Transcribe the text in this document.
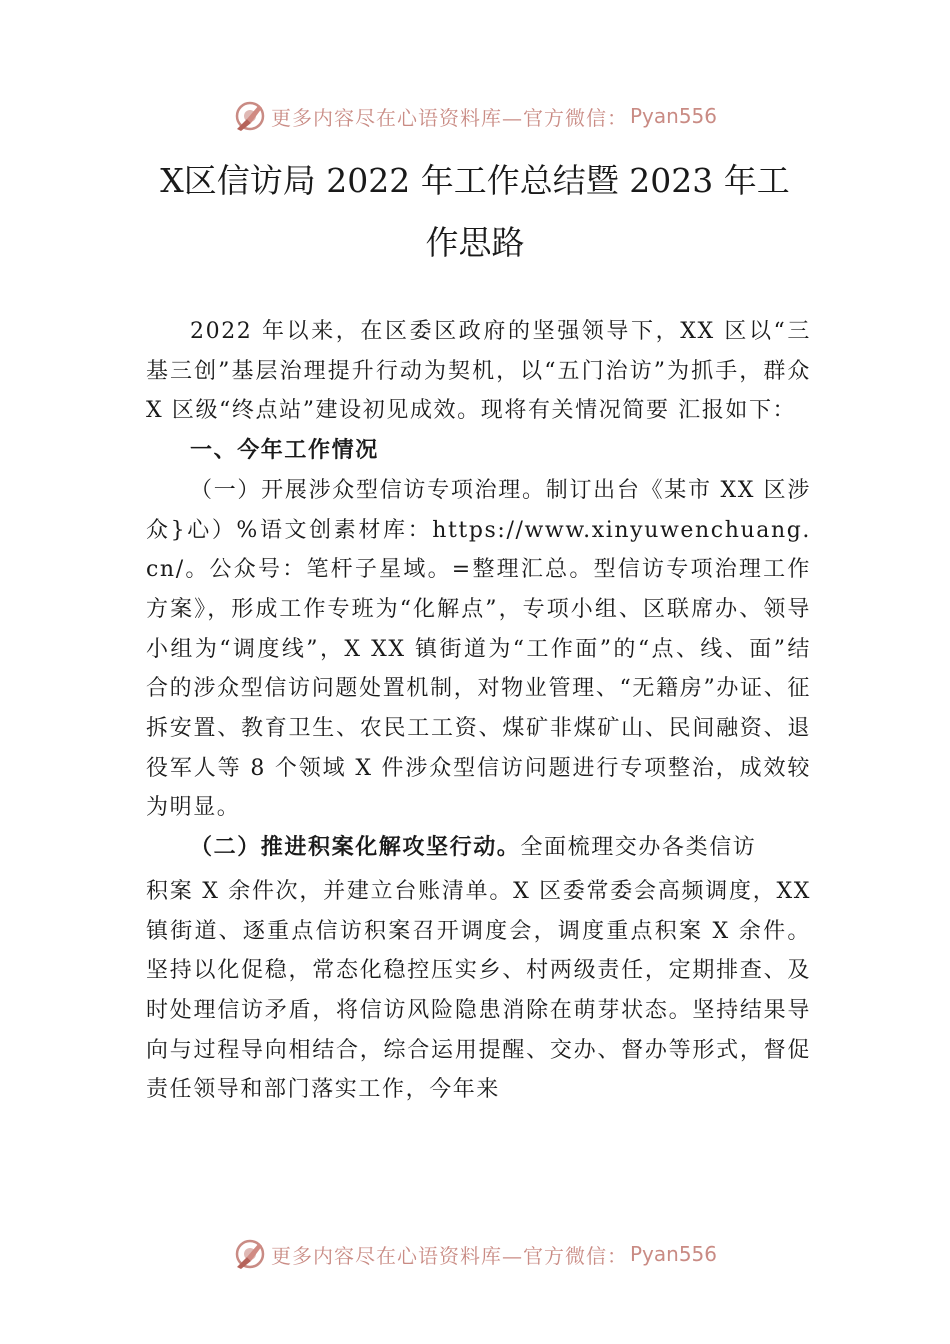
更多内容尽在心语资料库—官方微信： Pyan556
X区信访局 2022 年工作总结暨 2023 年工
作思路

2022 年以来，在区委区政府的坚强领导下，XX 区以“三基三创”基层治理提升行动为契机，以“五门治访”为抓手，群众 X 区级“终点站”建设初见成效。现将有关情况简要 汇报如下：

一、今年工作情况

（一）开展涉众型信访专项治理。制订出台《某市 XX 区涉众}心）%语文创素材库：https://www.xinyuwenchuang.cn/。公众号：笔杆子星域。=整理汇总。型信访专项治理工作方案》，形成工作专班为“化解点”，专项小组、区联席办、领导小组为“调度线”，X XX 镇街道为“工作面”的“点、线、面”结合的涉众型信访问题处置机制，对物业管理、“无籍房”办证、征拆安置、教育卫生、农民工工资、煤矿非煤矿山、民间融资、退役军人等 8 个领域 X 件涉众型信访问题进行专项整治，成效较为明显。

（二）推进积案化解攻坚行动。全面梳理交办各类信访

积案 X 余件次，并建立台账清单。X 区委常委会高频调度，XX 镇街道、逐重点信访积案召开调度会，调度重点积案 X 余件。坚持以化促稳，常态化稳控压实乡、村两级责任，定期排查、及时处理信访矛盾，将信访风险隐患消除在萌芽状态。坚持结果导向与过程导向相结合，综合运用提醒、交办、督办等形式，督促责任领导和部门落实工作，今年来

更多内容尽在心语资料库—官方微信： Pyan556
